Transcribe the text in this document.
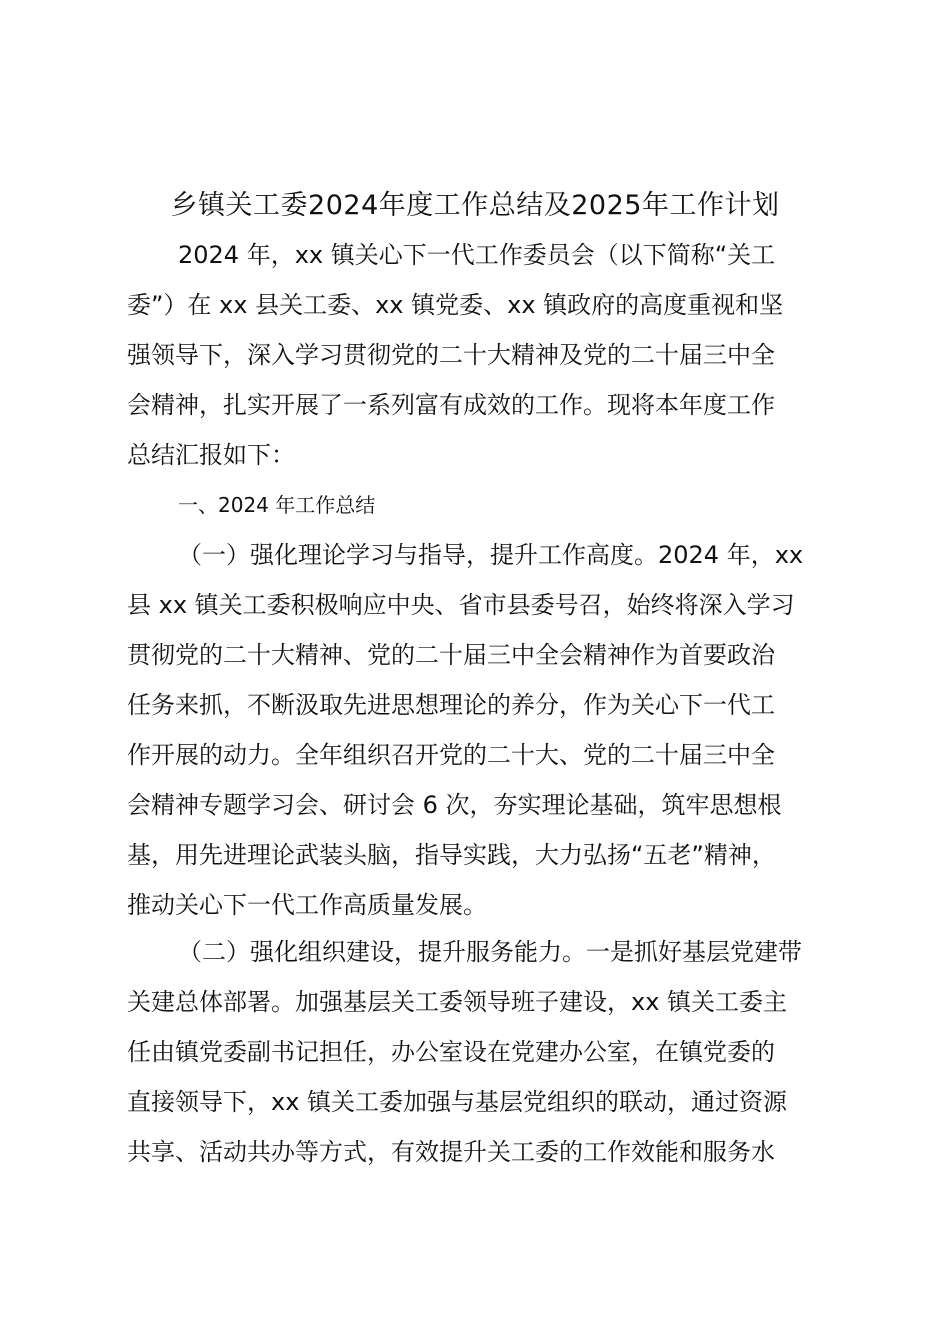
乡镇关工委2024年度工作总结及2025年工作计划
2024 年，xx 镇关心下一代工作委员会（以下简称“关工
委”）在 xx 县关工委、xx 镇党委、xx 镇政府的高度重视和坚
强领导下，深入学习贯彻党的二十大精神及党的二十届三中全
会精神，扎实开展了一系列富有成效的工作。现将本年度工作
总结汇报如下：
一、2024 年工作总结
（一）强化理论学习与指导，提升工作高度。2024 年，xx
县 xx 镇关工委积极响应中央、省市县委号召，始终将深入学习
贯彻党的二十大精神、党的二十届三中全会精神作为首要政治
任务来抓，不断汲取先进思想理论的养分，作为关心下一代工
作开展的动力。全年组织召开党的二十大、党的二十届三中全
会精神专题学习会、研讨会 6 次，夯实理论基础，筑牢思想根
基，用先进理论武装头脑，指导实践，大力弘扬“五老”精神，
推动关心下一代工作高质量发展。
（二）强化组织建设，提升服务能力。一是抓好基层党建带
关建总体部署。加强基层关工委领导班子建设，xx 镇关工委主
任由镇党委副书记担任，办公室设在党建办公室，在镇党委的
直接领导下，xx 镇关工委加强与基层党组织的联动，通过资源
共享、活动共办等方式，有效提升关工委的工作效能和服务水
